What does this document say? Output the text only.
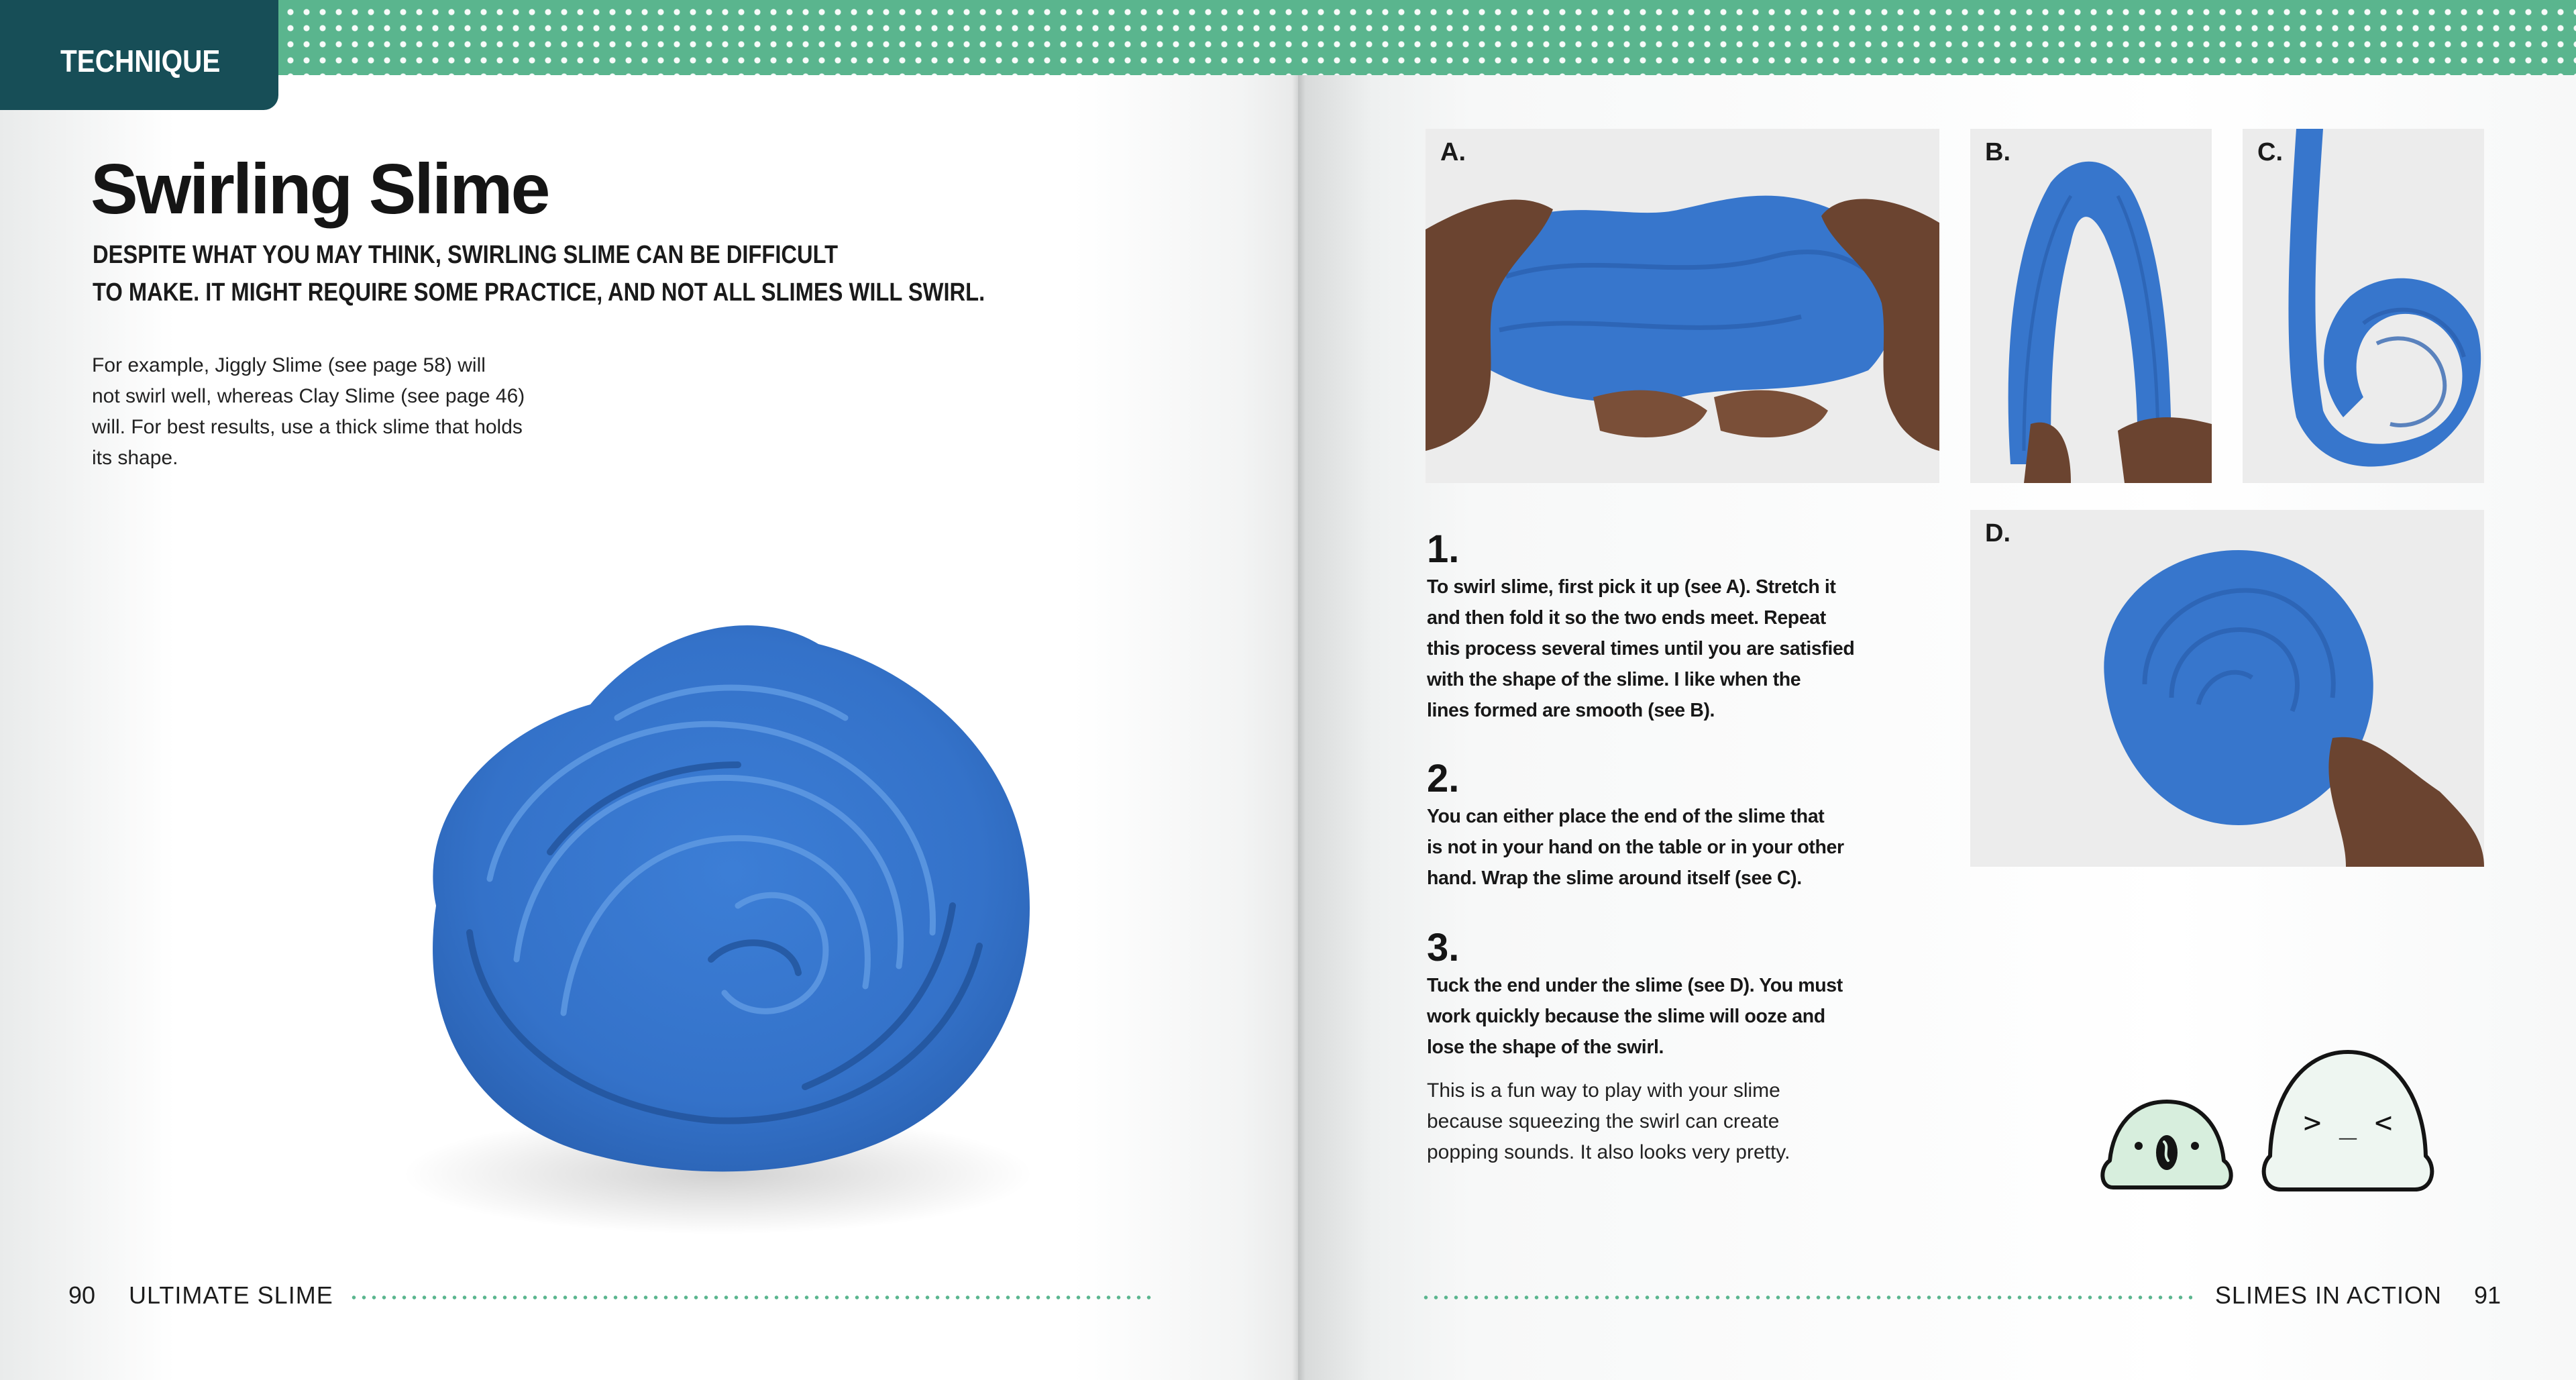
TECHNIQUE
Swirling Slime
DESPITE WHAT YOU MAY THINK, SWIRLING SLIME CAN BE DIFFICULT
TO MAKE. IT MIGHT REQUIRE SOME PRACTICE, AND NOT ALL SLIMES WILL SWIRL.
For example, Jiggly Slime (see page 58) will
not swirl well, whereas Clay Slime (see page 46)
will. For best results, use a thick slime that holds
its shape.
A.	B.	C.
D.
1.
To swirl slime, first pick it up (see A). Stretch it
and then fold it so the two ends meet. Repeat
this process several times until you are satisfied
with the shape of the slime. I like when the
lines formed are smooth (see B).
2.
You can either place the end of the slime that
is not in your hand on the table or in your other
hand. Wrap the slime around itself (see C).
3.
Tuck the end under the slime (see D). You must
work quickly because the slime will ooze and
lose the shape of the swirl.
This is a fun way to play with your slime
because squeezing the swirl can create
popping sounds. It also looks very pretty.
> _ <
90 ULTIMATE SLIME	SLIMES IN ACTION 91
